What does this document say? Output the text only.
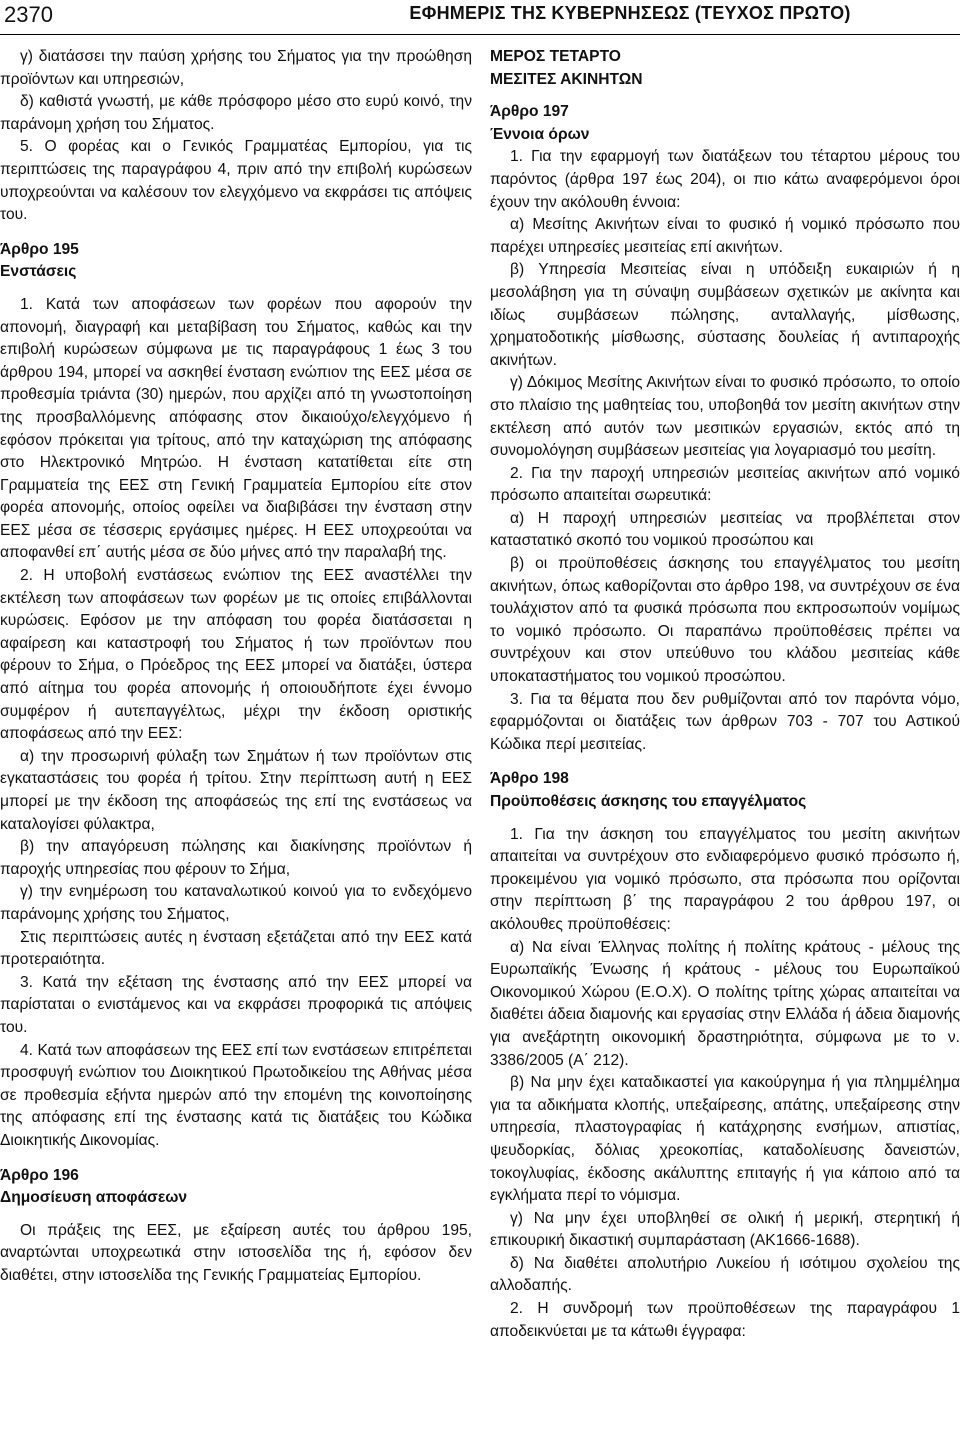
2370	ΕΦΗΜΕΡΙΣ ΤΗΣ ΚΥΒΕΡΝΗΣΕΩΣ (ΤΕΥΧΟΣ ΠΡΩΤΟ)

γ) διατάσσει την παύση χρήσης του Σήματος για την προώθηση προϊόντων και υπηρεσιών,

δ) καθιστά γνωστή, με κάθε πρόσφορο μέσο στο ευρύ κοινό, την παράνομη χρήση του Σήματος.

5. Ο φορέας και ο Γενικός Γραμματέας Εμπορίου, για τις περιπτώσεις της παραγράφου 4, πριν από την επιβολή κυρώσεων υποχρεούνται να καλέσουν τον ελεγχόμενο να εκφράσει τις απόψεις του.

Άρθρο 195

Ενστάσεις

1. Κατά των αποφάσεων των φορέων που αφορούν την απονομή, διαγραφή και μεταβίβαση του Σήματος, καθώς και την επιβολή κυρώσεων σύμφωνα με τις παραγράφους 1 έως 3 του άρθρου 194, μπορεί να ασκηθεί ένσταση ενώπιον της ΕΕΣ μέσα σε προθεσμία τριάντα (30) ημερών, που αρχίζει από τη γνωστοποίηση της προσβαλλόμενης απόφασης στον δικαιούχο/ελεγχόμενο ή εφόσον πρόκειται για τρίτους, από την καταχώριση της απόφασης στο Ηλεκτρονικό Μητρώο. Η ένσταση κατατίθεται είτε στη Γραμματεία της ΕΕΣ στη Γενική Γραμματεία Εμπορίου είτε στον φορέα απονομής, οποίος οφείλει να διαβιβάσει την ένσταση στην ΕΕΣ μέσα σε τέσσερις εργάσιμες ημέρες. Η ΕΕΣ υποχρεούται να αποφανθεί επ΄ αυτής μέσα σε δύο μήνες από την παραλαβή της.

2. Η υποβολή ενστάσεως ενώπιον της ΕΕΣ αναστέλλει την εκτέλεση των αποφάσεων των φορέων με τις οποίες επιβάλλονται κυρώσεις. Εφόσον με την απόφαση του φορέα διατάσσεται η αφαίρεση και καταστροφή του Σήματος ή των προϊόντων που φέρουν το Σήμα, ο Πρόεδρος της ΕΕΣ μπορεί να διατάξει, ύστερα από αίτημα του φορέα απονομής ή οποιουδήποτε έχει έννομο συμφέρον ή αυτεπαγγέλτως, μέχρι την έκδοση οριστικής αποφάσεως από την ΕΕΣ:

α) την προσωρινή φύλαξη των Σημάτων ή των προϊόντων στις εγκαταστάσεις του φορέα ή τρίτου. Στην περίπτωση αυτή η ΕΕΣ μπορεί με την έκδοση της αποφάσεώς της επί της ενστάσεως να καταλογίσει φύλακτρα,

β) την απαγόρευση πώλησης και διακίνησης προϊόντων ή παροχής υπηρεσίας που φέρουν το Σήμα,

γ) την ενημέρωση του καταναλωτικού κοινού για το ενδεχόμενο παράνομης χρήσης του Σήματος,

Στις περιπτώσεις αυτές η ένσταση εξετάζεται από την ΕΕΣ κατά προτεραιότητα.

3. Κατά την εξέταση της ένστασης από την ΕΕΣ μπορεί να παρίσταται ο ενιστάμενος και να εκφράσει προφορικά τις απόψεις του.

4. Κατά των αποφάσεων της ΕΕΣ επί των ενστάσεων επιτρέπεται προσφυγή ενώπιον του Διοικητικού Πρωτοδικείου της Αθήνας μέσα σε προθεσμία εξήντα ημερών από την επομένη της κοινοποίησης της απόφασης επί της ένστασης κατά τις διατάξεις του Κώδικα Διοικητικής Δικονομίας.

Άρθρο 196

Δημοσίευση αποφάσεων

Οι πράξεις της ΕΕΣ, με εξαίρεση αυτές του άρθρου 195, αναρτώνται υποχρεωτικά στην ιστοσελίδα της ή, εφόσον δεν διαθέτει, στην ιστοσελίδα της Γενικής Γραμματείας Εμπορίου.

ΜΕΡΟΣ ΤΕΤΑΡΤΟ

ΜΕΣΙΤΕΣ ΑΚΙΝΗΤΩΝ

Άρθρο 197

Έννοια όρων

1. Για την εφαρμογή των διατάξεων του τέταρτου μέρους του παρόντος (άρθρα 197 έως 204), οι πιο κάτω αναφερόμενοι όροι έχουν την ακόλουθη έννοια:

α) Μεσίτης Ακινήτων είναι το φυσικό ή νομικό πρόσωπο που παρέχει υπηρεσίες μεσιτείας επί ακινήτων.

β) Υπηρεσία Μεσιτείας είναι η υπόδειξη ευκαιριών ή η μεσολάβηση για τη σύναψη συμβάσεων σχετικών με ακίνητα και ιδίως συμβάσεων πώλησης, ανταλλαγής, μίσθωσης, χρηματοδοτικής μίσθωσης, σύστασης δουλείας ή αντιπαροχής ακινήτων.

γ) Δόκιμος Μεσίτης Ακινήτων είναι το φυσικό πρόσωπο, το οποίο στο πλαίσιο της μαθητείας του, υποβοηθά τον μεσίτη ακινήτων στην εκτέλεση από αυτόν των μεσιτικών εργασιών, εκτός από τη συνομολόγηση συμβάσεων μεσιτείας για λογαριασμό του μεσίτη.

2. Για την παροχή υπηρεσιών μεσιτείας ακινήτων από νομικό πρόσωπο απαιτείται σωρευτικά:

α) Η παροχή υπηρεσιών μεσιτείας να προβλέπεται στον καταστατικό σκοπό του νομικού προσώπου και

β) οι προϋποθέσεις άσκησης του επαγγέλματος του μεσίτη ακινήτων, όπως καθορίζονται στο άρθρο 198, να συντρέχουν σε ένα τουλάχιστον από τα φυσικά πρόσωπα που εκπροσωπούν νομίμως το νομικό πρόσωπο. Οι παραπάνω προϋποθέσεις πρέπει να συντρέχουν και στον υπεύθυνο του κλάδου μεσιτείας κάθε υποκαταστήματος του νομικού προσώπου.

3. Για τα θέματα που δεν ρυθμίζονται από τον παρόντα νόμο, εφαρμόζονται οι διατάξεις των άρθρων 703 - 707 του Αστικού Κώδικα περί μεσιτείας.

Άρθρο 198

Προϋποθέσεις άσκησης του επαγγέλματος

1. Για την άσκηση του επαγγέλματος του μεσίτη ακινήτων απαιτείται να συντρέχουν στο ενδιαφερόμενο φυσικό πρόσωπο ή, προκειμένου για νομικό πρόσωπο, στα πρόσωπα που ορίζονται στην περίπτωση β΄ της παραγράφου 2 του άρθρου 197, οι ακόλουθες προϋποθέσεις:

α) Να είναι Έλληνας πολίτης ή πολίτης κράτους - μέλους της Ευρωπαϊκής Ένωσης ή κράτους - μέλους του Ευρωπαϊκού Οικονομικού Χώρου (Ε.Ο.Χ). Ο πολίτης τρίτης χώρας απαιτείται να διαθέτει άδεια διαμονής και εργασίας στην Ελλάδα ή άδεια διαμονής για ανεξάρτητη οικονομική δραστηριότητα, σύμφωνα με το ν. 3386/2005 (Α΄ 212).

β) Να μην έχει καταδικαστεί για κακούργημα ή για πλημμέλημα για τα αδικήματα κλοπής, υπεξαίρεσης, απάτης, υπεξαίρεσης στην υπηρεσία, πλαστογραφίας ή κατάχρησης ενσήμων, απιστίας, ψευδορκίας, δόλιας χρεοκοπίας, καταδολίευσης δανειστών, τοκογλυφίας, έκδοσης ακάλυπτης επιταγής ή για κάποιο από τα εγκλήματα περί το νόμισμα.

γ) Να μην έχει υποβληθεί σε ολική ή μερική, στερητική ή επικουρική δικαστική συμπαράσταση (ΑΚ1666-1688).

δ) Να διαθέτει απολυτήριο Λυκείου ή ισότιμου σχολείου της αλλοδαπής.

2. Η συνδρομή των προϋποθέσεων της παραγράφου 1 αποδεικνύεται με τα κάτωθι έγγραφα:
